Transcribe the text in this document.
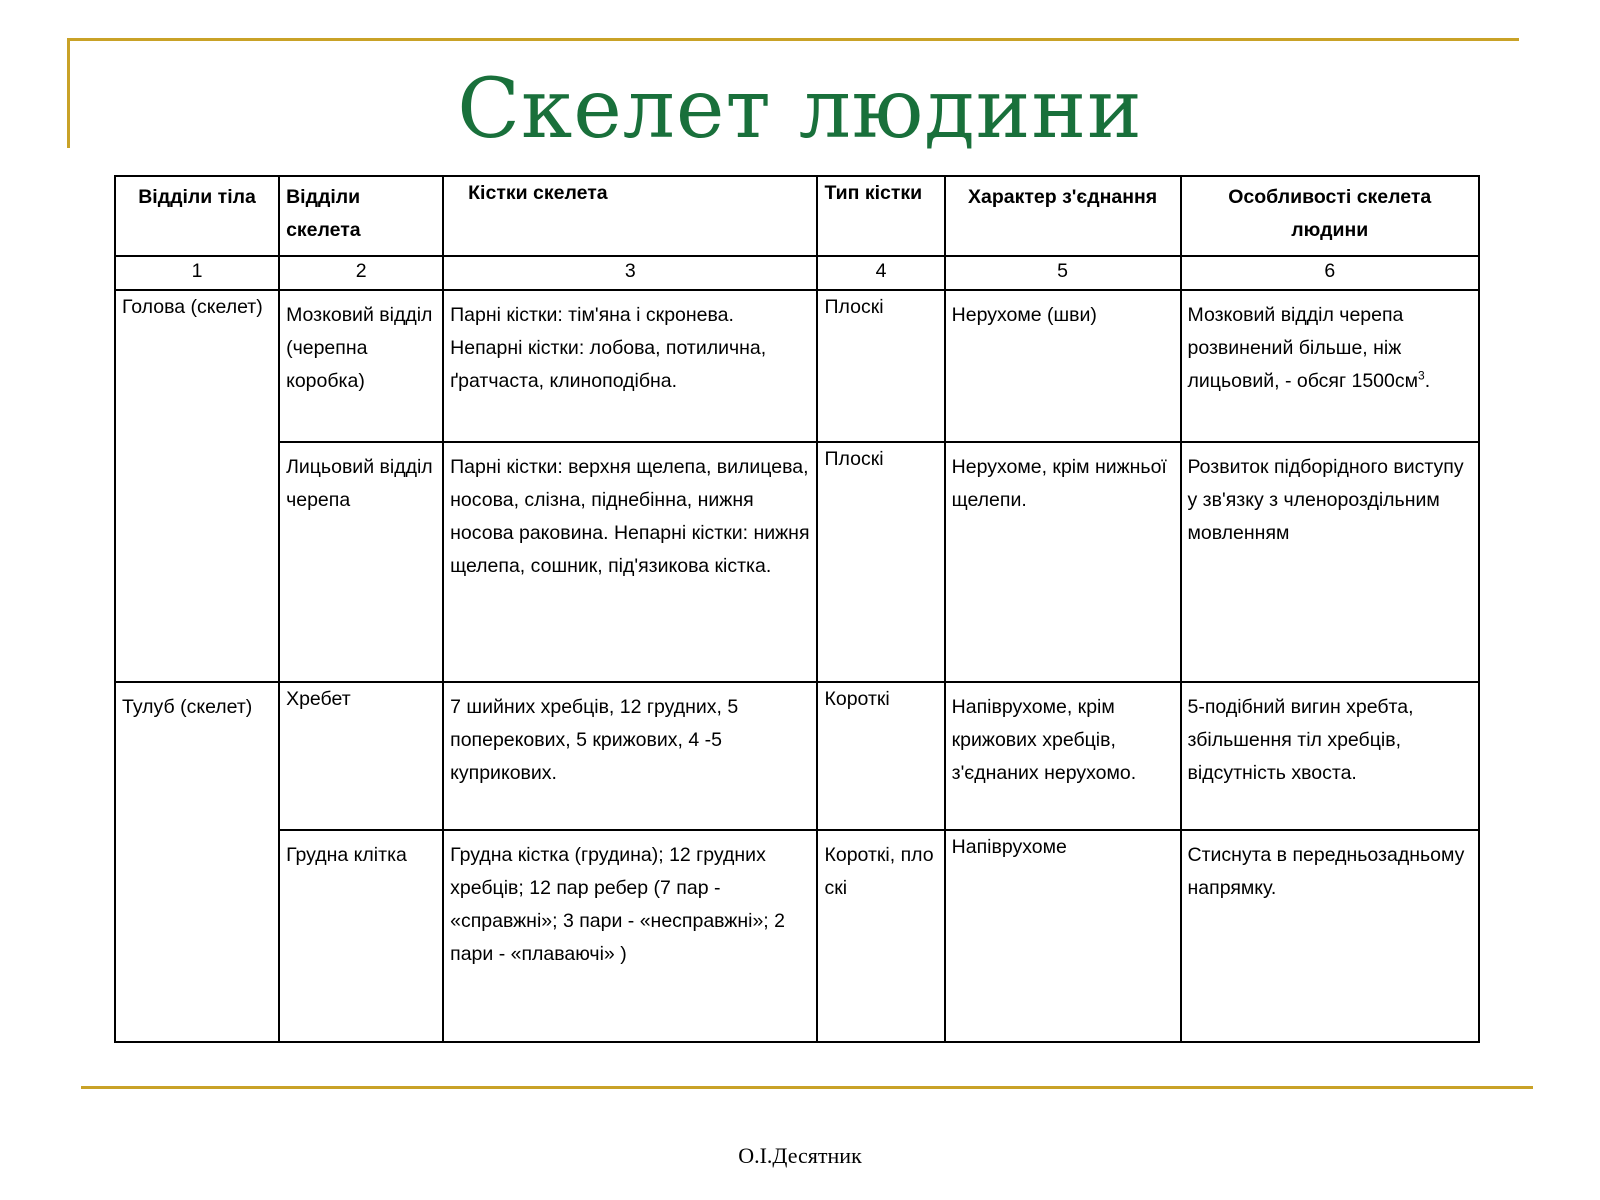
Скелет людини
Відділи тіла	Відділи скелета	Кістки скелета	Тип кістки	Характер з'єднання	Особливості скелета людини
1	2	3	4	5	6
Голова (скелет)	Мозковий відділ (черепна коробка)	Парні кістки: тім'яна і скронева. Непарні кістки: лобова, потилична, ґратчаста, клиноподібна.	Плоскі	Нерухоме (шви)	Мозковий відділ черепа розвинений більше, ніж лицьовий, - обсяг $1500см^3$.
	Лицьовий відділ черепа	Парні кістки: верхня щелепа, вилицева, носова, слізна, піднебінна, нижня носова раковина. Непарні кістки: нижня щелепа, сошник, під'язикова кістка.	Плоскі	Нерухоме, крім нижньої щелепи.	Розвиток підборідного виступу у зв'язку з членороздільним мовленням
Тулуб (скелет)	Хребет	7 шийних хребців, 12 грудних, 5 поперекових, 5 крижових, 4 -5 куприкових.	Короткі	Напіврухоме, крім крижових хребців, з'єднаних нерухомо.	5-подібний вигин хребта, збільшення тіл хребців, відсутність хвоста.
	Грудна клітка	Грудна кістка (грудина); 12 грудних хребців; 12 пар ребер (7 пар - «справжні»; 3 пари - «несправжні»; 2 пари - «плаваючі» )	Короткі, плоскі	Напіврухоме	Стиснута в передньозадньому напрямку.
О.І.Десятник
